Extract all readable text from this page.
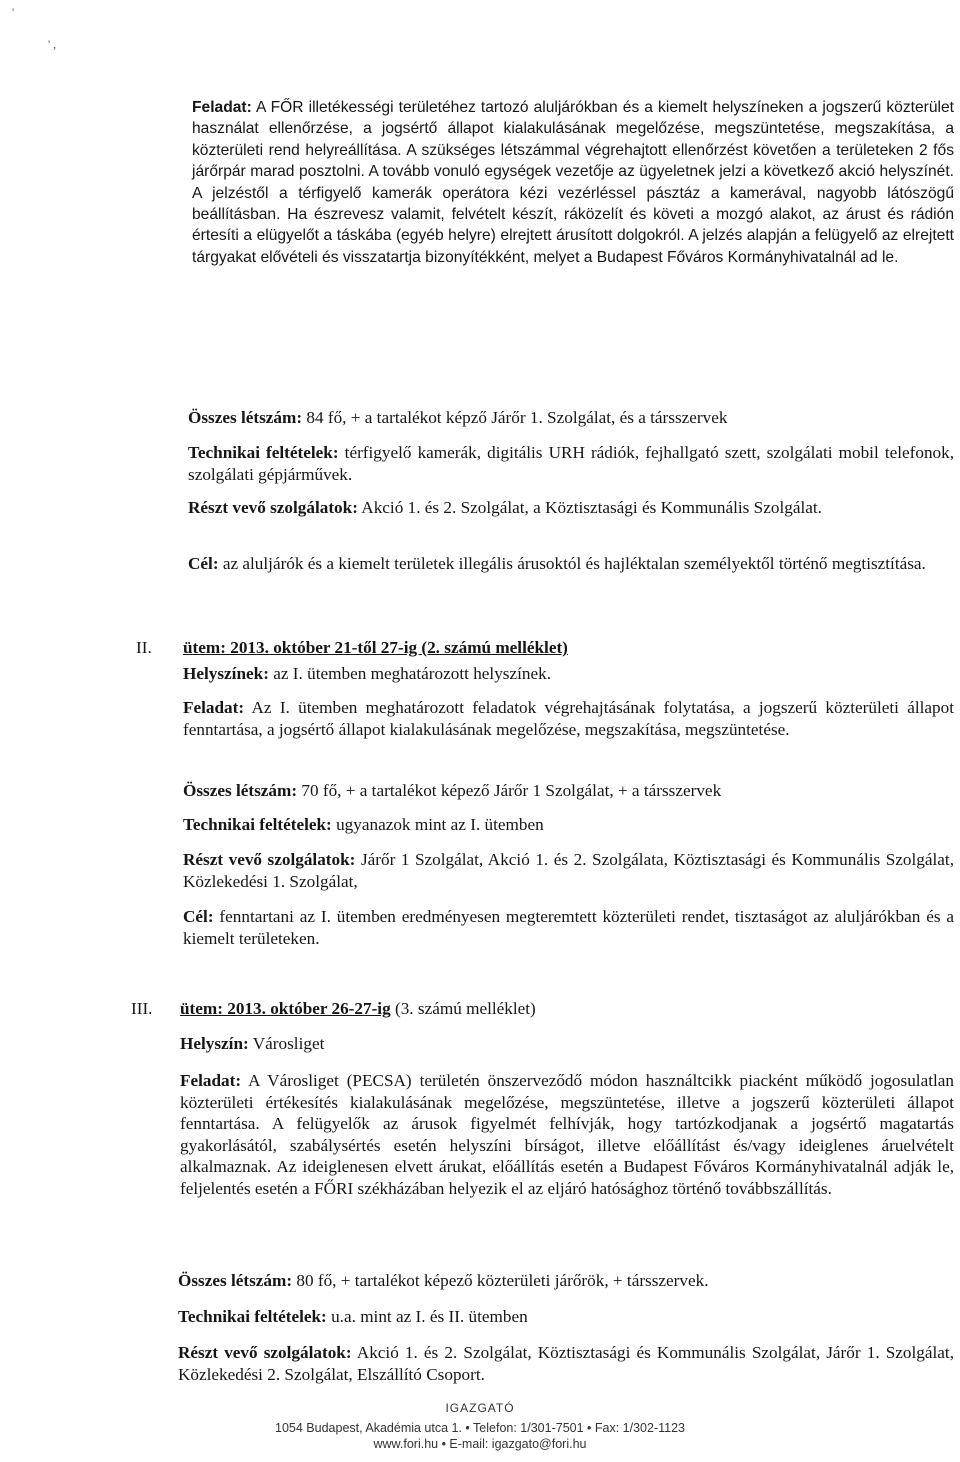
'
' ,
Feladat: A FŐR illetékességi területéhez tartozó aluljárókban és a kiemelt helyszíneken a jogszerű közterület használat ellenőrzése, a jogsértő állapot kialakulásának megelőzése, megszüntetése, megszakítása, a közterületi rend helyreállítása. A szükséges létszámmal végrehajtott ellenőrzést követően a területeken 2 fős járőrpár marad posztolni. A tovább vonuló egységek vezetője az ügyeletnek jelzi a következő akció helyszínét. A jelzéstől a térfigyelő kamerák operátora kézi vezérléssel pásztáz a kamerával, nagyobb látószögű beállításban. Ha észrevesz valamit, felvételt készít, ráközelít és követi a mozgó alakot, az árust és rádión értesíti a elügyelőt a táskába (egyéb helyre) elrejtett árusított dolgokról. A jelzés alapján a felügyelő az elrejtett tárgyakat elővételi és visszatartja bizonyítékként, melyet a Budapest Főváros Kormányhivatalnál ad le.
Összes létszám: 84 fő, + a tartalékot képző Járőr 1. Szolgálat, és a társszervek
Technikai feltételek: térfigyelő kamerák, digitális URH rádiók, fejhallgató szett, szolgálati mobil telefonok, szolgálati gépjárművek.
Részt vevő szolgálatok: Akció 1. és 2. Szolgálat, a Köztisztasági és Kommunális Szolgálat.
Cél: az aluljárók és a kiemelt területek illegális árusoktól és hajléktalan személyektől történő megtisztítása.
II. ütem: 2013. október 21-től 27-ig (2. számú melléklet)
Helyszínek: az I. ütemben meghatározott helyszínek.
Feladat: Az I. ütemben meghatározott feladatok végrehajtásának folytatása, a jogszerű közterületi állapot fenntartása, a jogsértő állapot kialakulásának megelőzése, megszakítása, megszüntetése.
Összes létszám: 70 fő, + a tartalékot képező Járőr 1 Szolgálat, + a társszervek
Technikai feltételek: ugyanazok mint az I. ütemben
Részt vevő szolgálatok: Járőr 1 Szolgálat, Akció 1. és 2. Szolgálata, Köztisztasági és Kommunális Szolgálat, Közlekedési 1. Szolgálat,
Cél: fenntartani az I. ütemben eredményesen megteremtett közterületi rendet, tisztaságot az aluljárókban és a kiemelt területeken.
III. ütem: 2013. október 26-27-ig (3. számú melléklet)
Helyszín: Városliget
Feladat: A Városliget (PECSA) területén önszerveződő módon használtcikk piacként működő jogosulatlan közterületi értékesítés kialakulásának megelőzése, megszüntetése, illetve a jogszerű közterületi állapot fenntartása. A felügyelők az árusok figyelmét felhívják, hogy tartózkodjanak a jogsértő magatartás gyakorlásától, szabálysértés esetén helyszíni bírságot, illetve előállítást és/vagy ideiglenes áruelvételt alkalmaznak. Az ideiglenesen elvett árukat, előállítás esetén a Budapest Főváros Kormányhivatalnál adják le, feljelentés esetén a FŐRI székházában helyezik el az eljáró hatósághoz történő továbbszállítás.
Összes létszám: 80 fő, + tartalékot képező közterületi járőrök, + társszervek.
Technikai feltételek: u.a. mint az I. és II. ütemben
Részt vevő szolgálatok: Akció 1. és 2. Szolgálat, Köztisztasági és Kommunális Szolgálat, Járőr 1. Szolgálat, Közlekedési 2. Szolgálat, Elszállító Csoport.
IGAZGATÓ
1054 Budapest, Akadémia utca 1. • Telefon: 1/301-7501 • Fax: 1/302-1123
www.fori.hu • E-mail: igazgato@fori.hu
